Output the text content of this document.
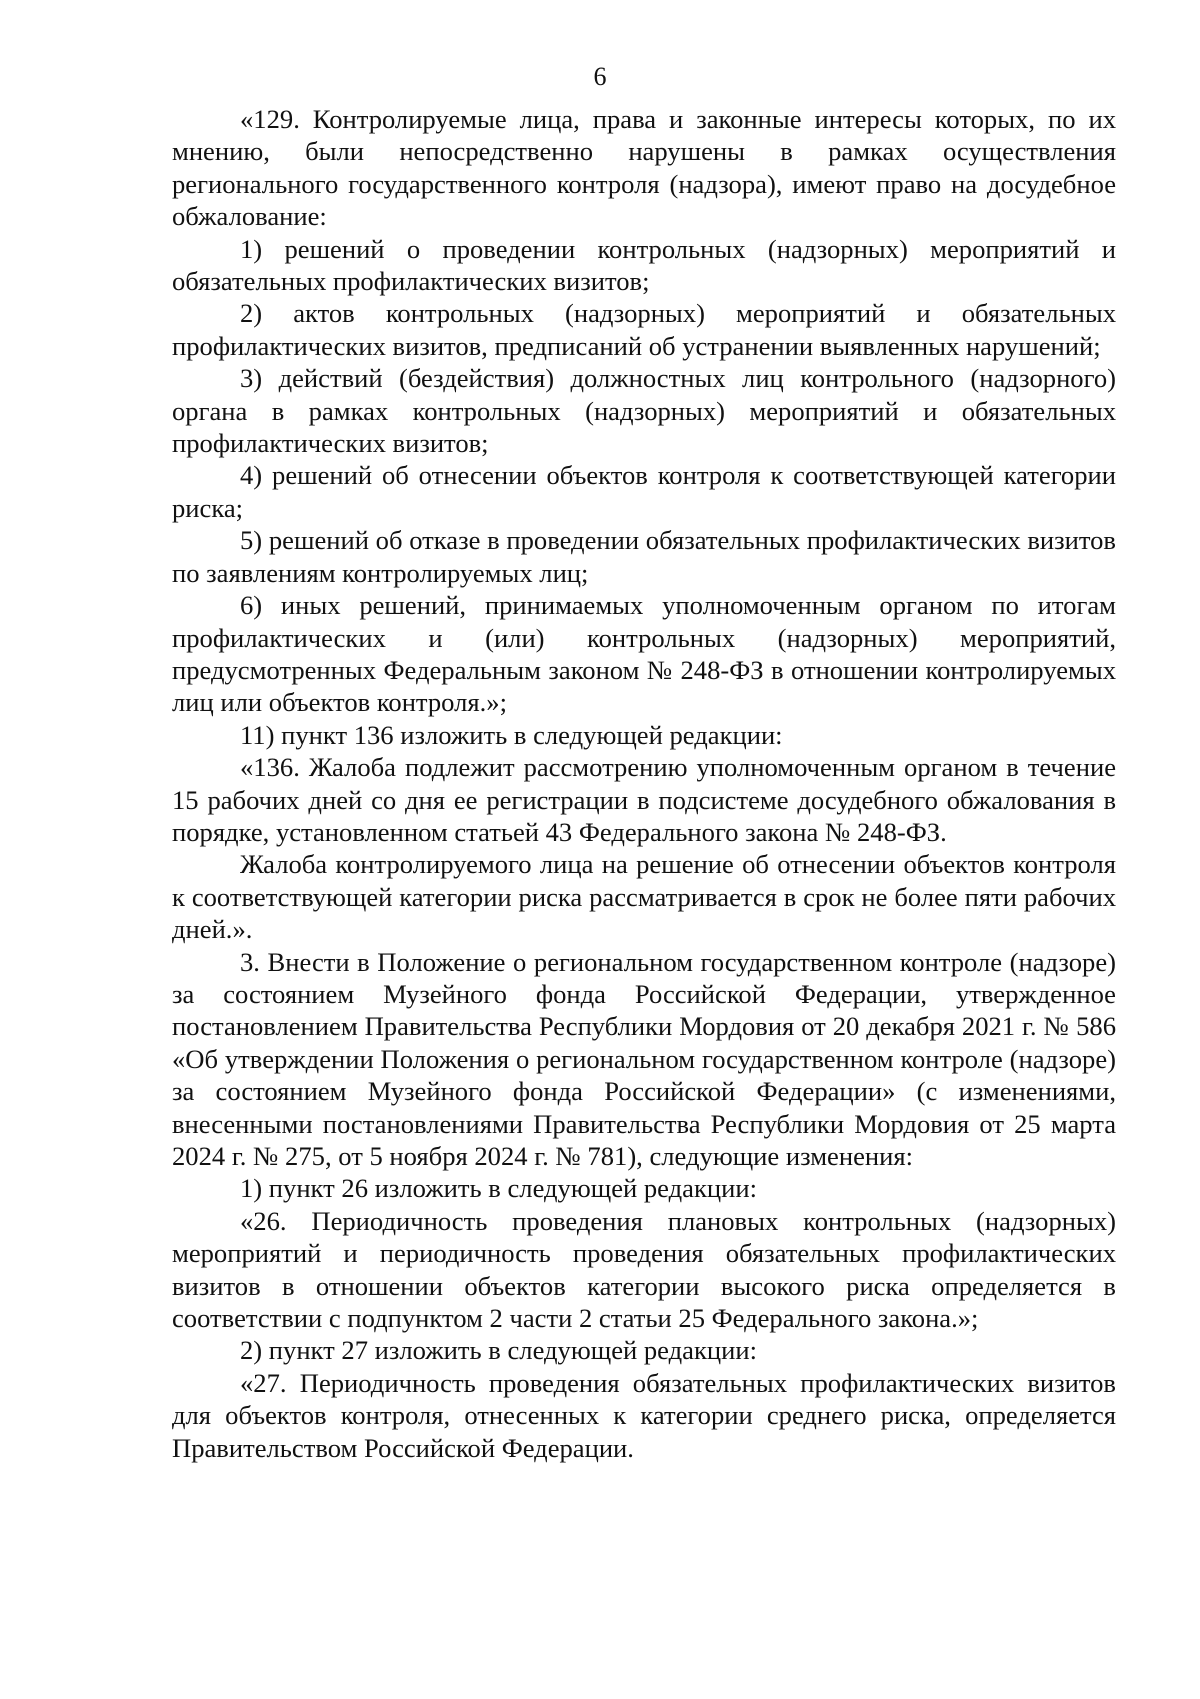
6

«129. Контролируемые лица, права и законные интересы которых, по их мнению, были непосредственно нарушены в рамках осуществления регионального государственного контроля (надзора), имеют право на досудебное обжалование:

1) решений о проведении контрольных (надзорных) мероприятий и обязательных профилактических визитов;

2) актов контрольных (надзорных) мероприятий и обязательных профилактических визитов, предписаний об устранении выявленных нарушений;

3) действий (бездействия) должностных лиц контрольного (надзорного) органа в рамках контрольных (надзорных) мероприятий и обязательных профилактических визитов;

4) решений об отнесении объектов контроля к соответствующей категории риска;

5) решений об отказе в проведении обязательных профилактических визитов по заявлениям контролируемых лиц;

6) иных решений, принимаемых уполномоченным органом по итогам профилактических и (или) контрольных (надзорных) мероприятий, предусмотренных Федеральным законом № 248-ФЗ в отношении контролируемых лиц или объектов контроля.»;

11) пункт 136 изложить в следующей редакции:

«136. Жалоба подлежит рассмотрению уполномоченным органом в течение 15 рабочих дней со дня ее регистрации в подсистеме досудебного обжалования в порядке, установленном статьей 43 Федерального закона № 248-ФЗ.

Жалоба контролируемого лица на решение об отнесении объектов контроля к соответствующей категории риска рассматривается в срок не более пяти рабочих дней.».

3. Внести в Положение о региональном государственном контроле (надзоре) за состоянием Музейного фонда Российской Федерации, утвержденное постановлением Правительства Республики Мордовия от 20 декабря 2021 г. № 586 «Об утверждении Положения о региональном государственном контроле (надзоре) за состоянием Музейного фонда Российской Федерации» (с изменениями, внесенными постановлениями Правительства Республики Мордовия от 25 марта 2024 г. № 275, от 5 ноября 2024 г. № 781), следующие изменения:

1) пункт 26 изложить в следующей редакции:

«26. Периодичность проведения плановых контрольных (надзорных) мероприятий и периодичность проведения обязательных профилактических визитов в отношении объектов категории высокого риска определяется в соответствии с подпунктом 2 части 2 статьи 25 Федерального закона.»;

2) пункт 27 изложить в следующей редакции:

«27. Периодичность проведения обязательных профилактических визитов для объектов контроля, отнесенных к категории среднего риска, определяется Правительством Российской Федерации.
